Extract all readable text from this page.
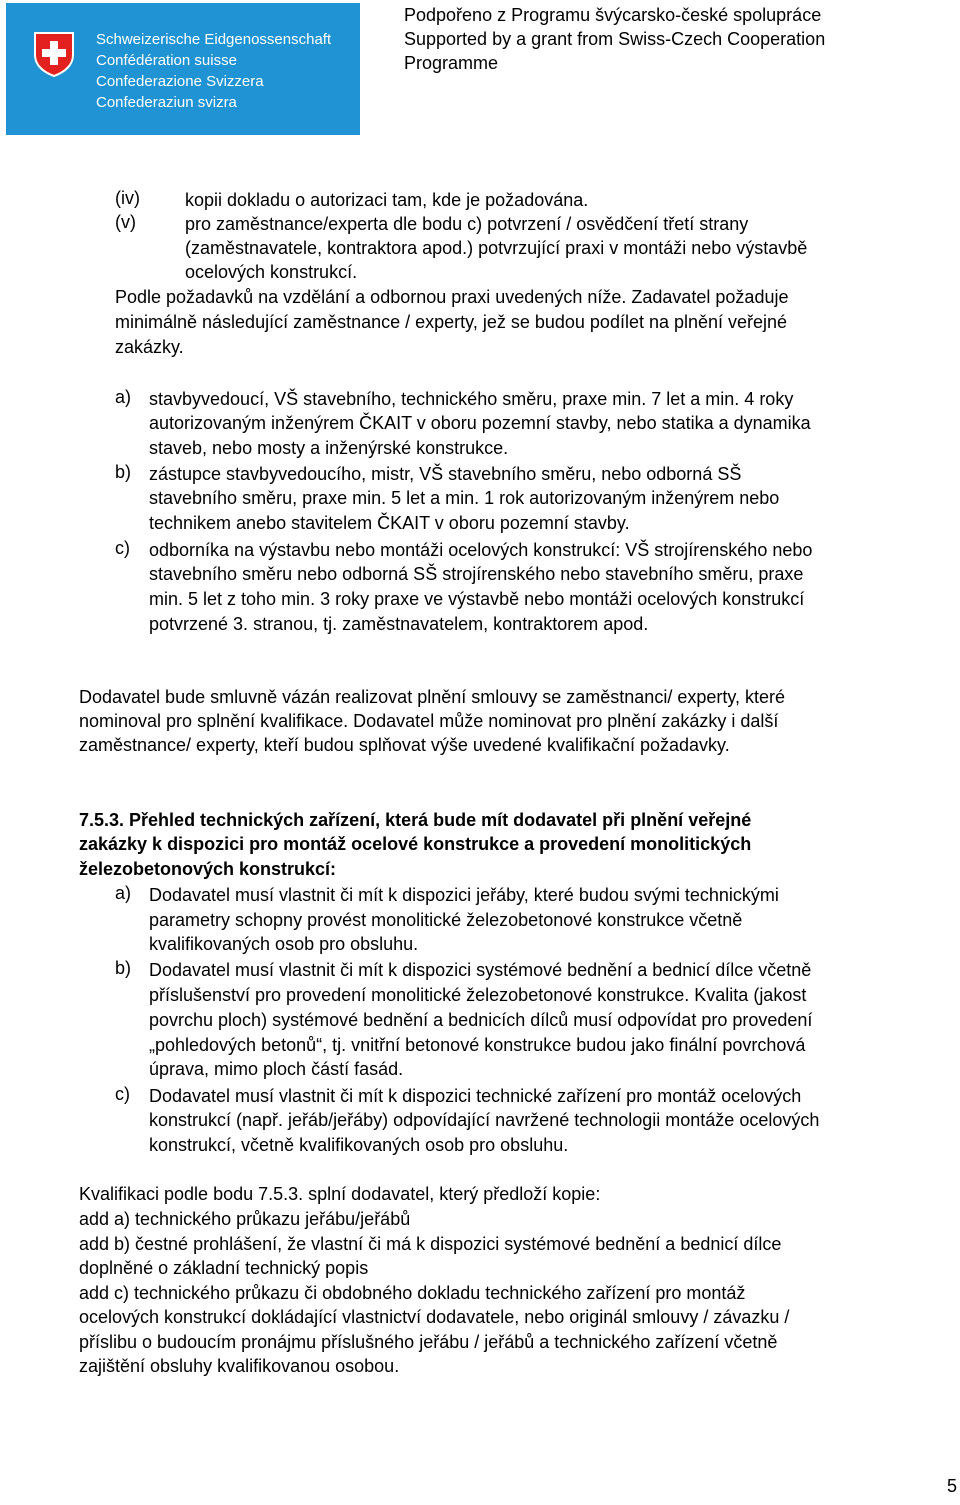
Schweizerische Eidgenossenschaft
Confédération suisse
Confederazione Svizzera
Confederaziun svizra
Podpořeno z Programu švýcarsko-české spolupráce
Supported by a grant from Swiss-Czech Cooperation
Programme
(iv)	kopii dokladu o autorizaci tam, kde je požadována.
(v)	pro zaměstnance/experta dle bodu c) potvrzení / osvědčení třetí strany
(zaměstnavatele, kontraktora apod.) potvrzující praxi v montáži nebo výstavbě
ocelových konstrukcí.
Podle požadavků na vzdělání a odbornou praxi uvedených níže. Zadavatel požaduje
minimálně následující zaměstnance / experty, jež se budou podílet na plnění veřejné
zakázky.
a) stavbyvedoucí, VŠ stavebního, technického směru, praxe min. 7 let a min. 4 roky
autorizovaným inženýrem ČKAIT v oboru pozemní stavby, nebo statika a dynamika
staveb, nebo mosty a inženýrské konstrukce.
b) zástupce stavbyvedoucího, mistr, VŠ stavebního směru, nebo odborná SŠ
stavebního směru, praxe min. 5 let a min. 1 rok autorizovaným inženýrem nebo
technikem anebo stavitelem ČKAIT v oboru pozemní stavby.
c) odborníka na výstavbu nebo montáži ocelových konstrukcí: VŠ strojírenského nebo
stavebního směru nebo odborná SŠ strojírenského nebo stavebního směru, praxe
min. 5 let z toho min. 3 roky praxe ve výstavbě nebo montáži ocelových konstrukcí
potvrzené 3. stranou, tj. zaměstnavatelem, kontraktorem apod.
Dodavatel bude smluvně vázán realizovat plnění smlouvy se zaměstnanci/ experty, které
nominoval pro splnění kvalifikace. Dodavatel může nominovat pro plnění zakázky i další
zaměstnance/ experty, kteří budou splňovat výše uvedené kvalifikační požadavky.
7.5.3. Přehled technických zařízení, která bude mít dodavatel při plnění veřejné
zakázky k dispozici pro montáž ocelové konstrukce a provedení monolitických
železobetonových konstrukcí:
a) Dodavatel musí vlastnit či mít k dispozici jeřáby, které budou svými technickými
parametry schopny provést monolitické železobetonové konstrukce včetně
kvalifikovaných osob pro obsluhu.
b) Dodavatel musí vlastnit či mít k dispozici systémové bednění a bednicí dílce včetně
příslušenství pro provedení monolitické železobetonové konstrukce. Kvalita (jakost
povrchu ploch) systémové bednění a bednicích dílců musí odpovídat pro provedení
„pohledových betonů“, tj. vnitřní betonové konstrukce budou jako finální povrchová
úprava, mimo ploch částí fasád.
c) Dodavatel musí vlastnit či mít k dispozici technické zařízení pro montáž ocelových
konstrukcí (např. jeřáb/jeřáby) odpovídající navržené technologii montáže ocelových
konstrukcí, včetně kvalifikovaných osob pro obsluhu.
Kvalifikaci podle bodu 7.5.3. splní dodavatel, který předloží kopie:
add a) technického průkazu jeřábu/jeřábů
add b) čestné prohlášení, že vlastní či má k dispozici systémové bednění a bednicí dílce
doplněné o základní technický popis
add c) technického průkazu či obdobného dokladu technického zařízení pro montáž
ocelových konstrukcí dokládající vlastnictví dodavatele, nebo originál smlouvy / závazku /
příslibu o budoucím pronájmu příslušného jeřábu / jeřábů a technického zařízení včetně
zajištění obsluhy kvalifikovanou osobou.
5
